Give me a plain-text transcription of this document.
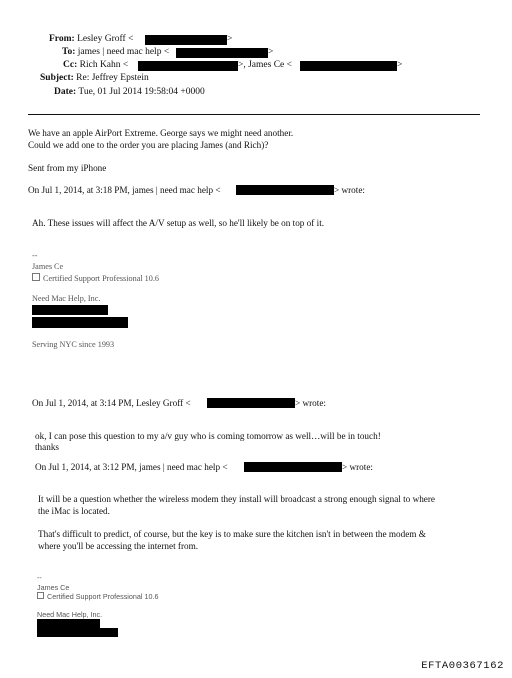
From: Lesley Groff <	>
To: james | need mac help <	>
Cc: Rich Kahn <	>, James Ce <	>
Subject: Re: Jeffrey Epstein
Date: Tue, 01 Jul 2014 19:58:04 +0000
We have an apple AirPort Extreme. George says we might need another.
Could we add one to the order you are placing James (and Rich)?
Sent from my iPhone
On Jul 1, 2014, at 3:18 PM, james | need mac help <	> wrote:
Ah. These issues will affect the A/V setup as well, so he'll likely be on top of it.
--
James Ce
Certified Support Professional 10.6
Need Mac Help, Inc.
Serving NYC since 1993
On Jul 1, 2014, at 3:14 PM, Lesley Groff <	> wrote:
ok, I can pose this question to my a/v guy who is coming tomorrow as well…will be in touch!
thanks
On Jul 1, 2014, at 3:12 PM, james | need mac help <	> wrote:
It will be a question whether the wireless modem they install will broadcast a strong enough signal to where
the iMac is located.
That's difficult to predict, of course, but the key is to make sure the kitchen isn't in between the modem &
where you'll be accessing the internet from.
--
James Ce
Certified Support Professional 10.6
Need Mac Help, Inc.
EFTA00367162
